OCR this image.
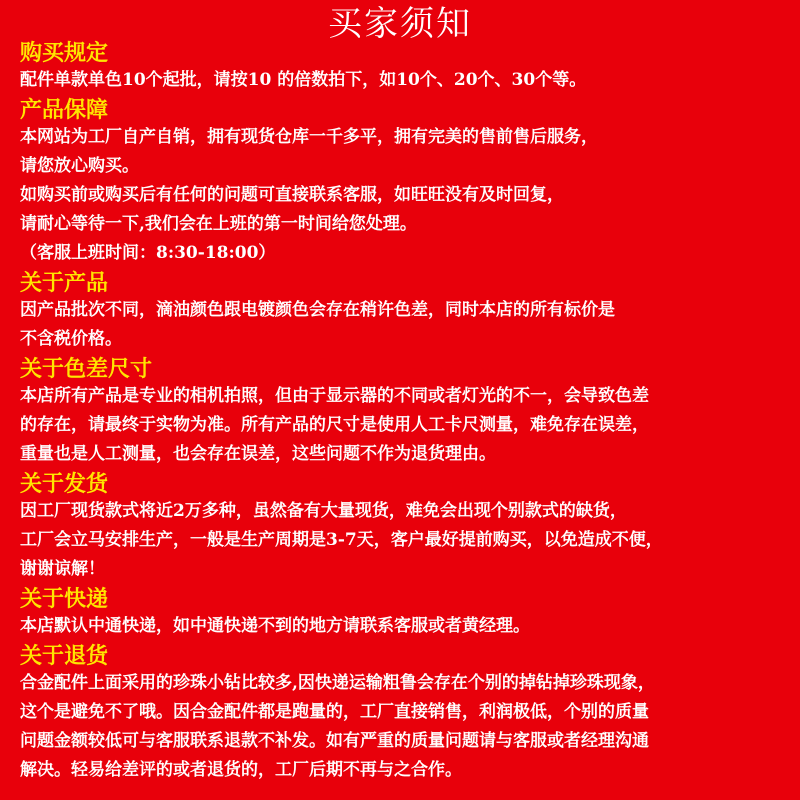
买家须知
购买规定
配件单款单色10个起批，请按10 的倍数拍下，如10个、20个、30个等。
产品保障
本网站为工厂自产自销，拥有现货仓库一千多平，拥有完美的售前售后服务，
请您放心购买。
如购买前或购买后有任何的问题可直接联系客服，如旺旺没有及时回复，
请耐心等待一下,我们会在上班的第一时间给您处理。
（客服上班时间：8:30-18:00）
关于产品
因产品批次不同，滴油颜色跟电镀颜色会存在稍许色差，同时本店的所有标价是
不含税价格。
关于色差尺寸
本店所有产品是专业的相机拍照，但由于显示器的不同或者灯光的不一，会导致色差
的存在，请最终于实物为准。所有产品的尺寸是使用人工卡尺测量，难免存在误差，
重量也是人工测量，也会存在误差，这些问题不作为退货理由。
关于发货
因工厂现货款式将近2万多种，虽然备有大量现货，难免会出现个别款式的缺货，
工厂会立马安排生产，一般是生产周期是3-7天，客户最好提前购买，以免造成不便，
谢谢谅解！
关于快递
本店默认中通快递，如中通快递不到的地方请联系客服或者黄经理。
关于退货
合金配件上面采用的珍珠小钻比较多,因快递运输粗鲁会存在个别的掉钻掉珍珠现象，
这个是避免不了哦。因合金配件都是跑量的，工厂直接销售，利润极低，个别的质量
问题金额较低可与客服联系退款不补发。如有严重的质量问题请与客服或者经理沟通
解决。轻易给差评的或者退货的，工厂后期不再与之合作。
